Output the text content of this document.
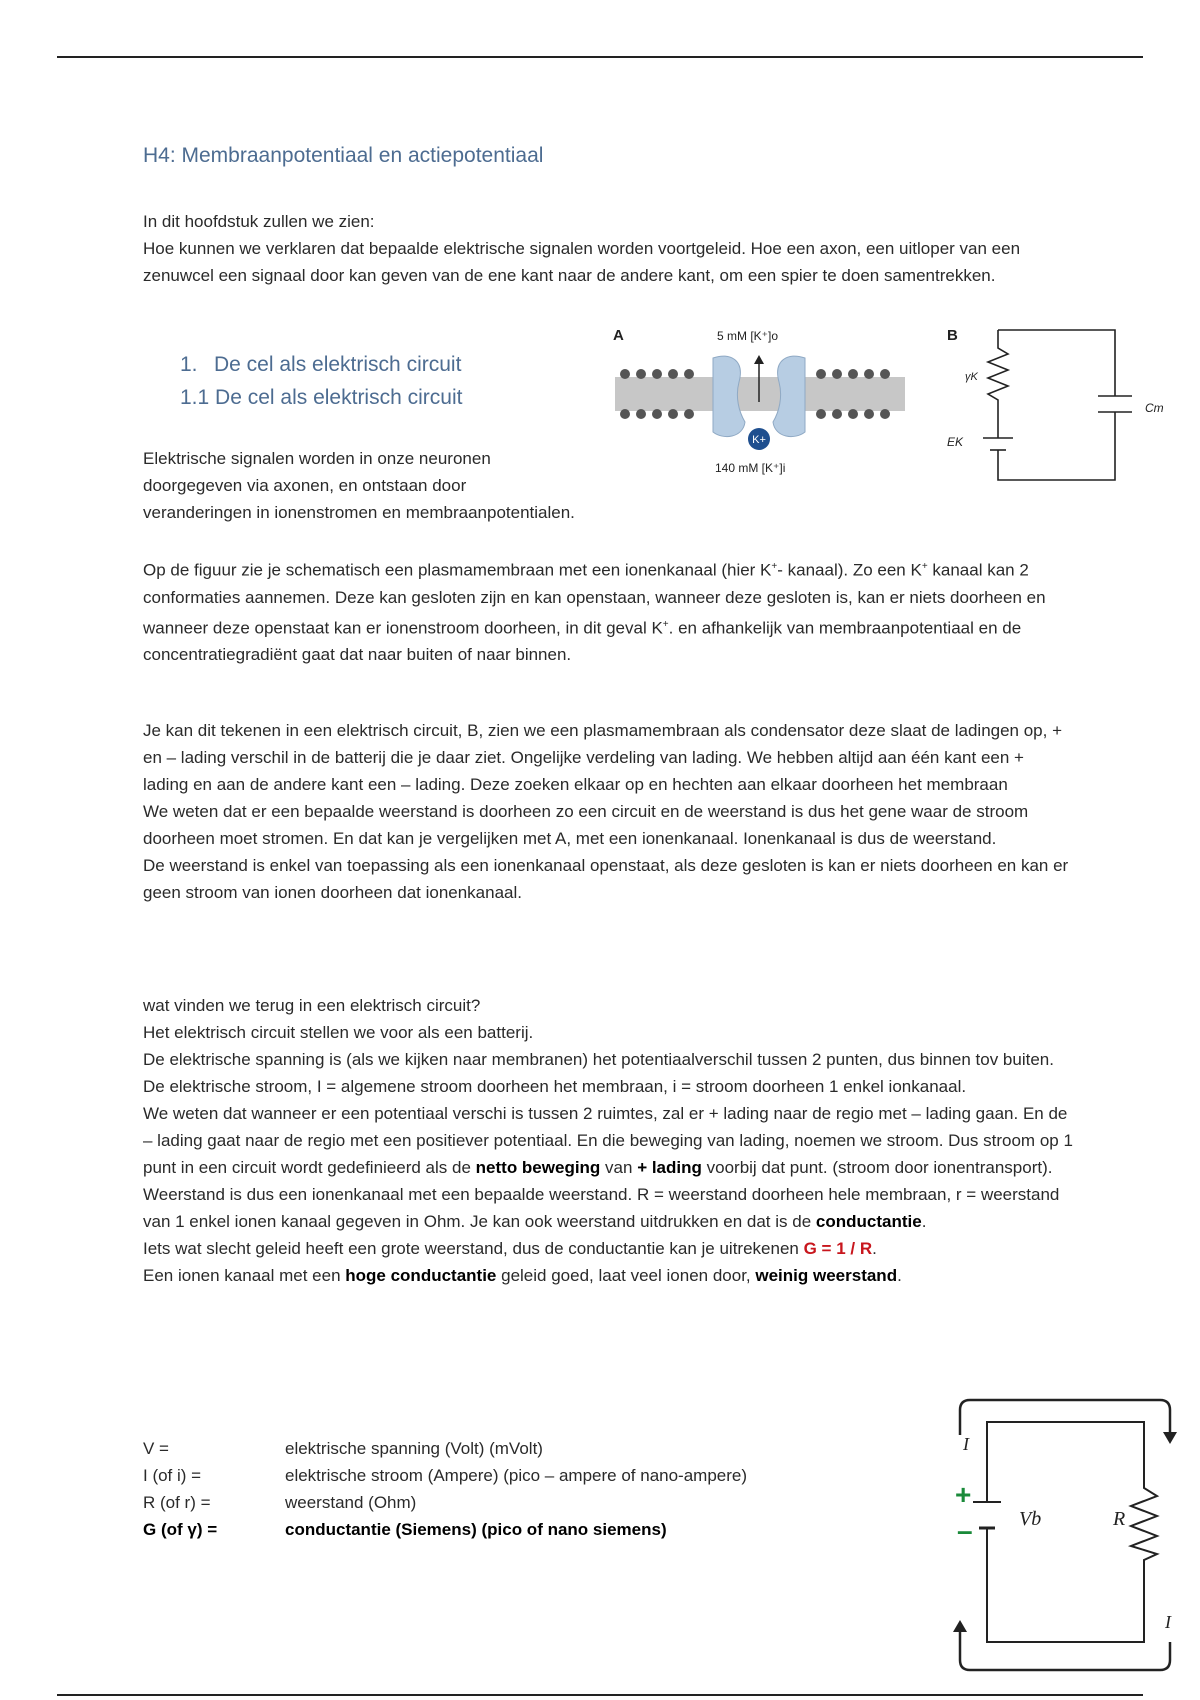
H4: Membraanpotentiaal en actiepotentiaal

In dit hoofdstuk zullen we zien:

Hoe kunnen we verklaren dat bepaalde elektrische signalen worden voortgeleid. Hoe een axon, een uitloper van een zenuwcel een signaal door kan geven van de ene kant naar de andere kant, om een spier te doen samentrekken.

1. De cel als elektrisch circuit
1.1 De cel als elektrisch circuit

Elektrische signalen worden in onze neuronen

doorgegeven via axonen, en ontstaan door

veranderingen in ionenstromen en membraanpotentialen.

A	5 mM [K⁺]o
140 mM [K⁺]i
K+
B
γK
EK
Cm

Op de figuur zie je schematisch een plasmamembraan met een ionenkanaal (hier K+- kanaal). Zo een K+ kanaal kan 2 conformaties aannemen. Deze kan gesloten zijn en kan openstaan, wanneer deze gesloten is, kan er niets doorheen en wanneer deze openstaat kan er ionenstroom doorheen, in dit geval K+. en afhankelijk van membraanpotentiaal en de concentratiegradiënt gaat dat naar buiten of naar binnen.

Je kan dit tekenen in een elektrisch circuit, B, zien we een plasmamembraan als condensator deze slaat de ladingen op, + en – lading verschil in de batterij die je daar ziet. Ongelijke verdeling van lading. We hebben altijd aan één kant een + lading en aan de andere kant een – lading. Deze zoeken elkaar op en hechten aan elkaar doorheen het membraan

We weten dat er een bepaalde weerstand is doorheen zo een circuit en de weerstand is dus het gene waar de stroom doorheen moet stromen. En dat kan je vergelijken met A, met een ionenkanaal. Ionenkanaal is dus de weerstand.

De weerstand is enkel van toepassing als een ionenkanaal openstaat, als deze gesloten is kan er niets doorheen en kan er geen stroom van ionen doorheen dat ionenkanaal.

wat vinden we terug in een elektrisch circuit?

Het elektrisch circuit stellen we voor als een batterij.

De elektrische spanning is (als we kijken naar membranen) het potentiaalverschil tussen 2 punten, dus binnen tov buiten.

De elektrische stroom, I = algemene stroom doorheen het membraan, i = stroom doorheen 1 enkel ionkanaal.

We weten dat wanneer er een potentiaal verschi is tussen 2 ruimtes, zal er + lading naar de regio met – lading gaan. En de – lading gaat naar de regio met een positiever potentiaal. En die beweging van lading, noemen we stroom. Dus stroom op 1 punt in een circuit wordt gedefinieerd als de netto beweging van + lading voorbij dat punt. (stroom door ionentransport). Weerstand is dus een ionenkanaal met een bepaalde weerstand. R = weerstand doorheen hele membraan, r = weerstand van 1 enkel ionen kanaal gegeven in Ohm. Je kan ook weerstand uitdrukken en dat is de conductantie.

Iets wat slecht geleid heeft een grote weerstand, dus de conductantie kan je uitrekenen G = 1 / R.

Een ionen kanaal met een hoge conductantie geleid goed, laat veel ionen door, weinig weerstand.

V =	elektrische spanning (Volt) (mVolt)
I (of i) =	elektrische stroom (Ampere) (pico – ampere of nano-ampere)
R (of r) =	weerstand (Ohm)
G (of γ) =	conductantie (Siemens) (pico of nano siemens)
I
I
Vb	R
+
–
